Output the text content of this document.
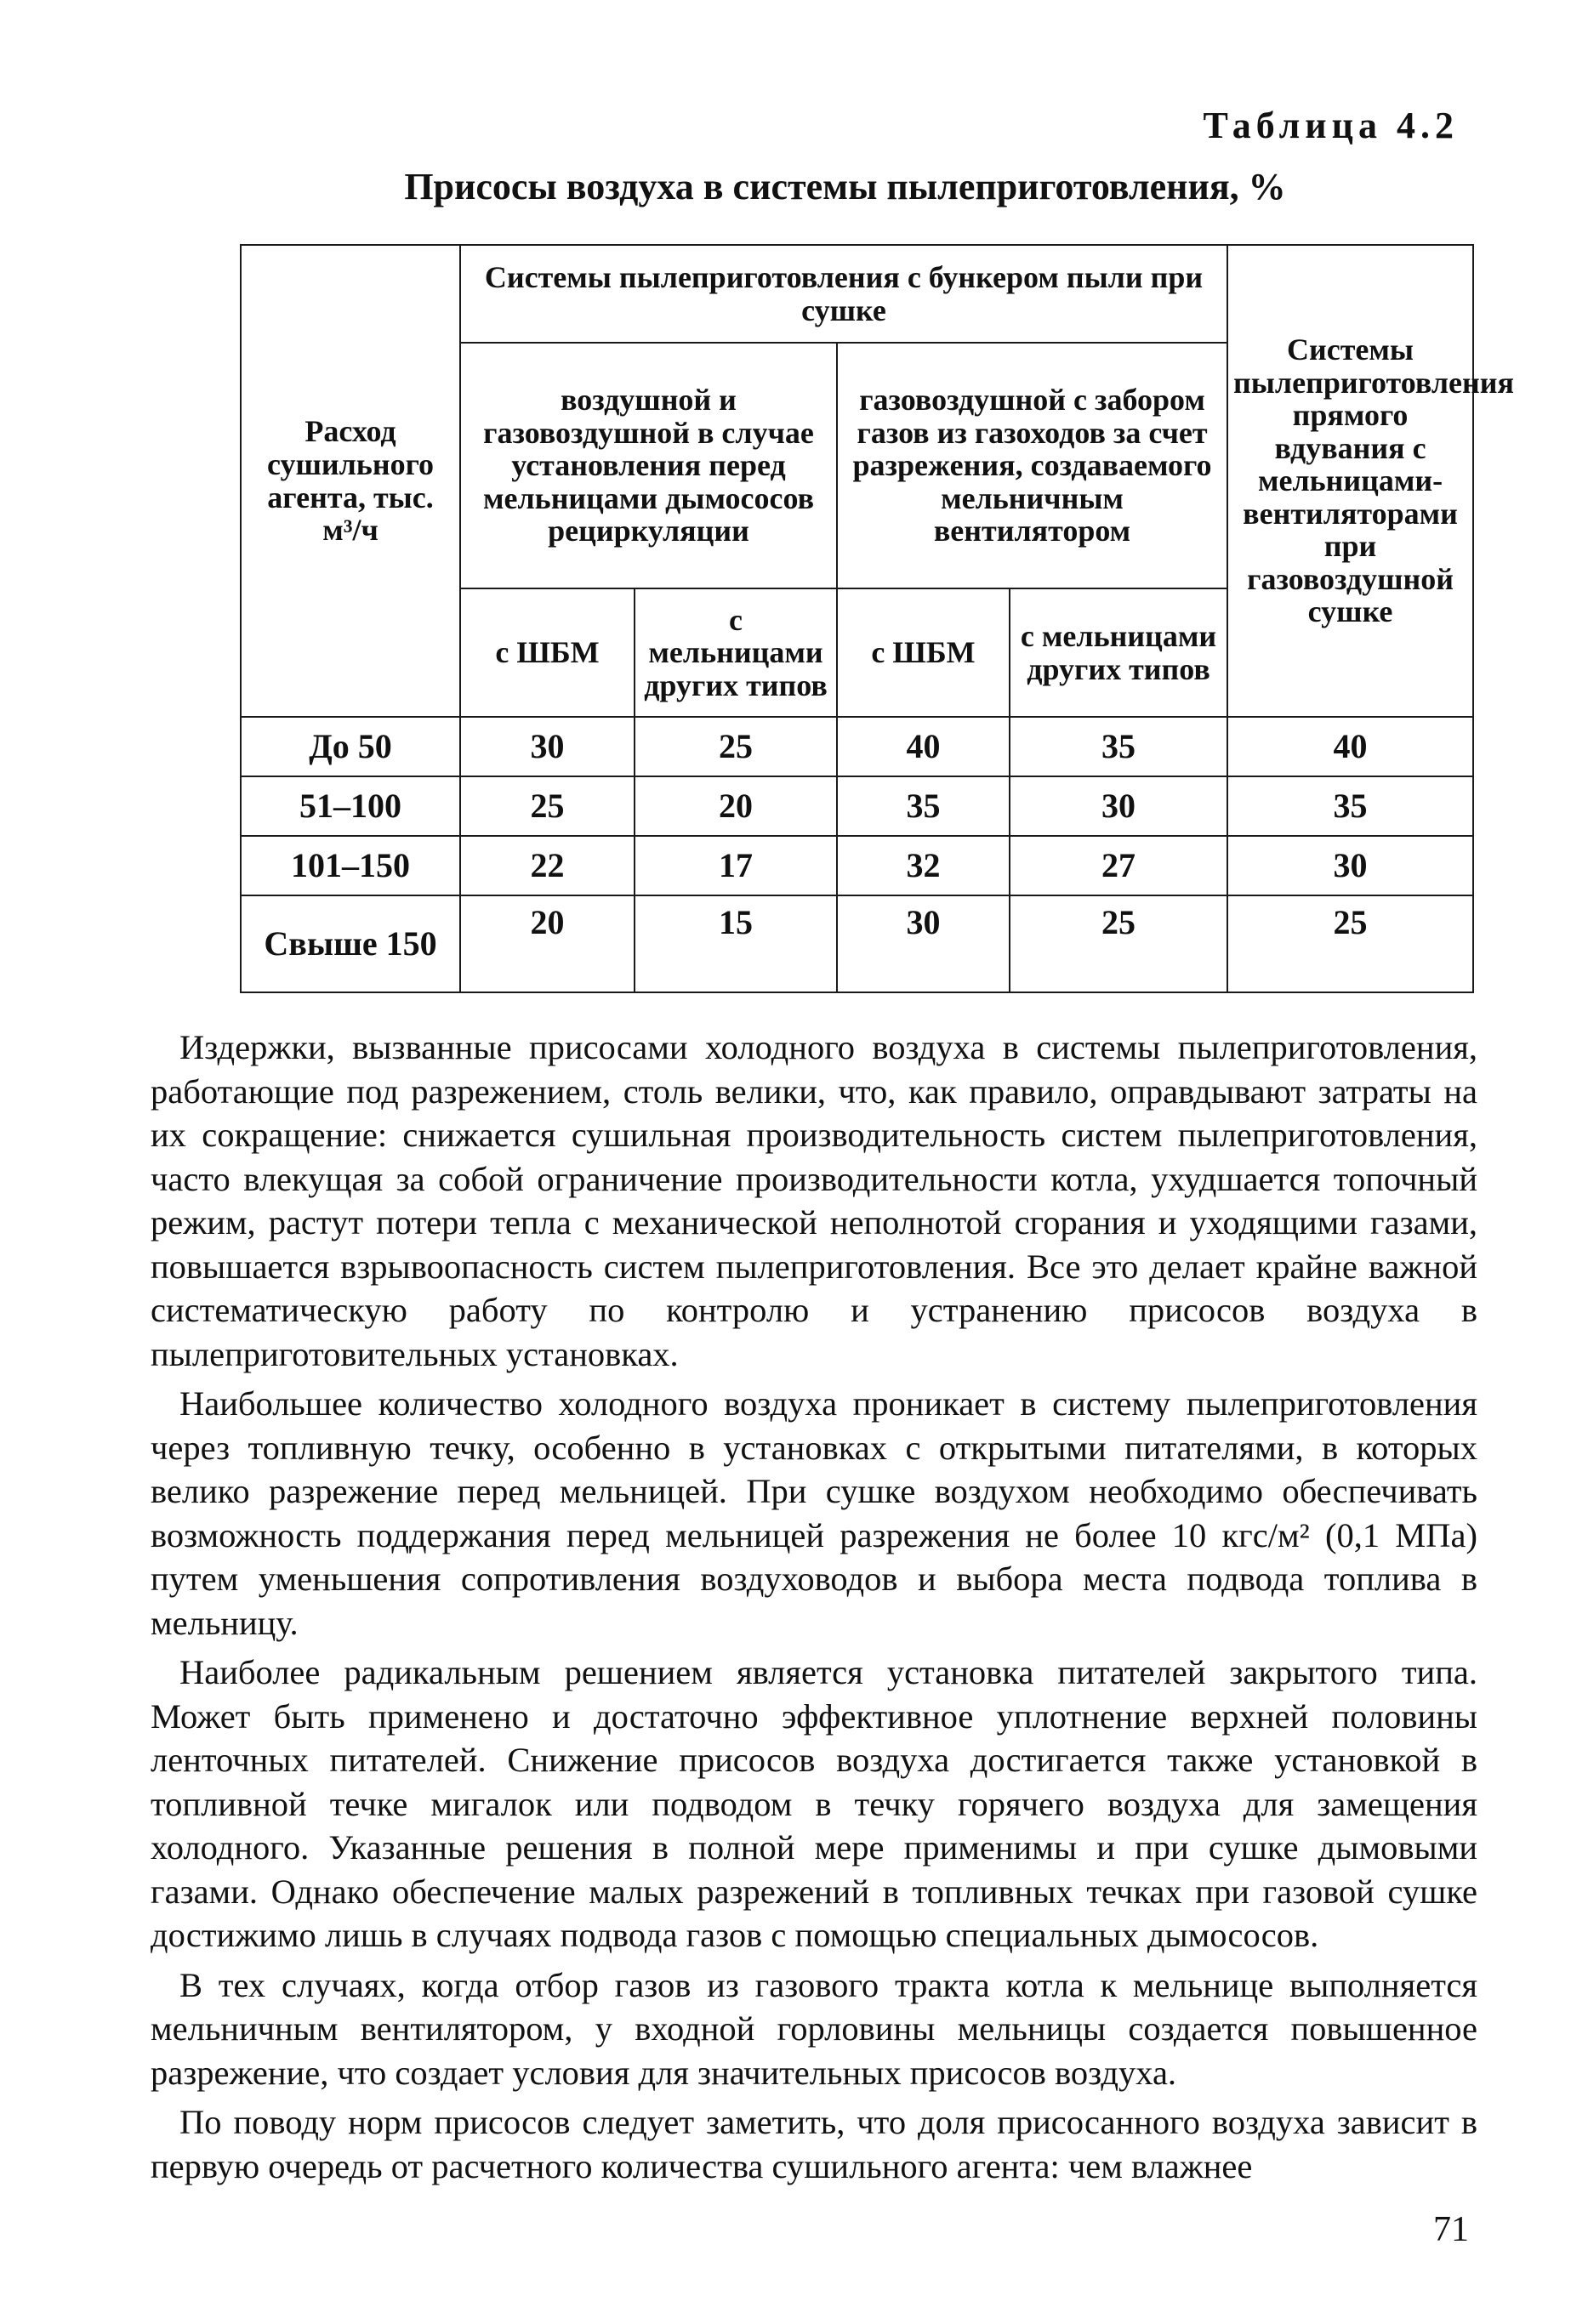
Таблица 4.2
Присосы воздуха в системы пылеприготовления, %
Расход сушильного агента, тыс. м³/ч	Системы пылеприготовления с бункером пыли при сушке				Системы пылеприготовления прямого вдувания с мельницами-вентиляторами при газовоздушной сушке
	воздушной и газовоздушной в случае установления перед мельницами дымососов рециркуляции		газовоздушной с забором газов из газоходов за счет разрежения, создаваемого мельничным вентилятором		
	с ШБМ	с мельницами других типов	с ШБМ	с мельницами других типов	
До 50	30	25	40	35	40
51–100	25	20	35	30	35
101–150	22	17	32	27	30
Свыше 150	20	15	30	25	25

Издержки, вызванные присосами холодного воздуха в системы пылеприготовления, работающие под разрежением, столь велики, что, как правило, оправдывают затраты на их сокращение: снижается сушильная производительность систем пылеприготовления, часто влекущая за собой ограничение производительности котла, ухудшается топочный режим, растут потери тепла с механической неполнотой сгорания и уходящими газами, повышается взрывоопасность систем пылеприготовления. Все это делает крайне важной систематическую работу по контролю и устранению присосов воздуха в пылеприготовительных установках.

Наибольшее количество холодного воздуха проникает в систему пылеприготовления через топливную течку, особенно в установках с открытыми питателями, в которых велико разрежение перед мельницей. При сушке воздухом необходимо обеспечивать возможность поддержания перед мельницей разрежения не более 10 кгс/м² (0,1 МПа) путем уменьшения сопротивления воздуховодов и выбора места подвода топлива в мельницу.

Наиболее радикальным решением является установка питателей закрытого типа. Может быть применено и достаточно эффективное уплотнение верхней половины ленточных питателей. Снижение присосов воздуха достигается также установкой в топливной течке мигалок или подводом в течку горячего воздуха для замещения холодного. Указанные решения в полной мере применимы и при сушке дымовыми газами. Однако обеспечение малых разрежений в топливных течках при газовой сушке достижимо лишь в случаях подвода газов с помощью специальных дымососов.

В тех случаях, когда отбор газов из газового тракта котла к мельнице выполняется мельничным вентилятором, у входной горловины мельницы создается повышенное разрежение, что создает условия для значительных присосов воздуха.

По поводу норм присосов следует заметить, что доля присосанного воздуха зависит в первую очередь от расчетного количества сушильного агента: чем влажнее

71
